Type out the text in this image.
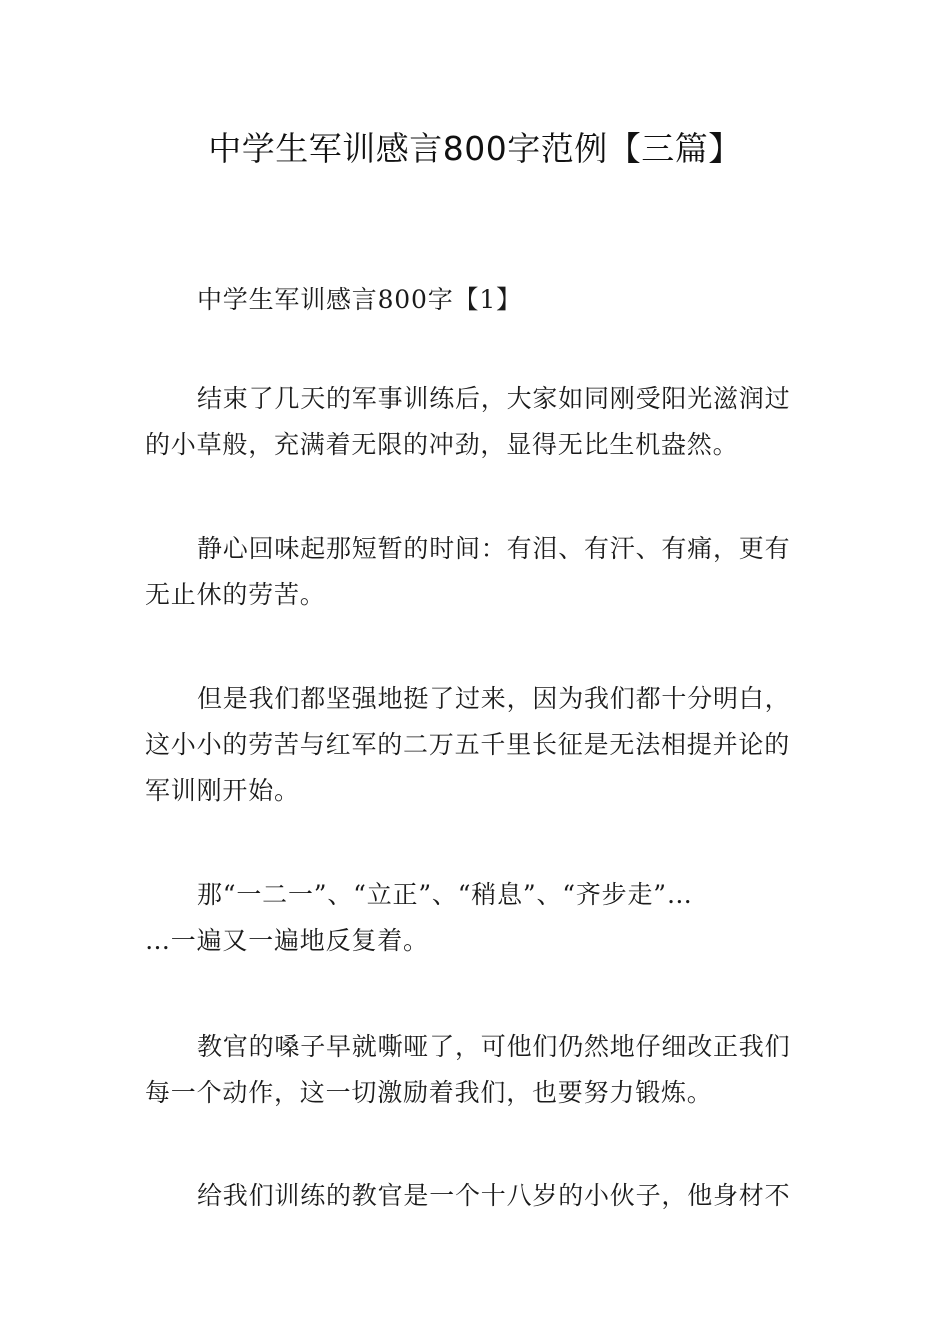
中学生军训感言800字范例【三篇】
中学生军训感言800字【1】
结束了几天的军事训练后，大家如同刚受阳光滋润过
的小草般，充满着无限的冲劲，显得无比生机盎然。
静心回味起那短暂的时间：有泪、有汗、有痛，更有
无止休的劳苦。
但是我们都坚强地挺了过来，因为我们都十分明白，
这小小的劳苦与红军的二万五千里长征是无法相提并论的
军训刚开始。
那“一二一”、“立正”、“稍息”、“齐步走”…
…一遍又一遍地反复着。
教官的嗓子早就嘶哑了，可他们仍然地仔细改正我们
每一个动作，这一切激励着我们，也要努力锻炼。
给我们训练的教官是一个十八岁的小伙子，他身材不
